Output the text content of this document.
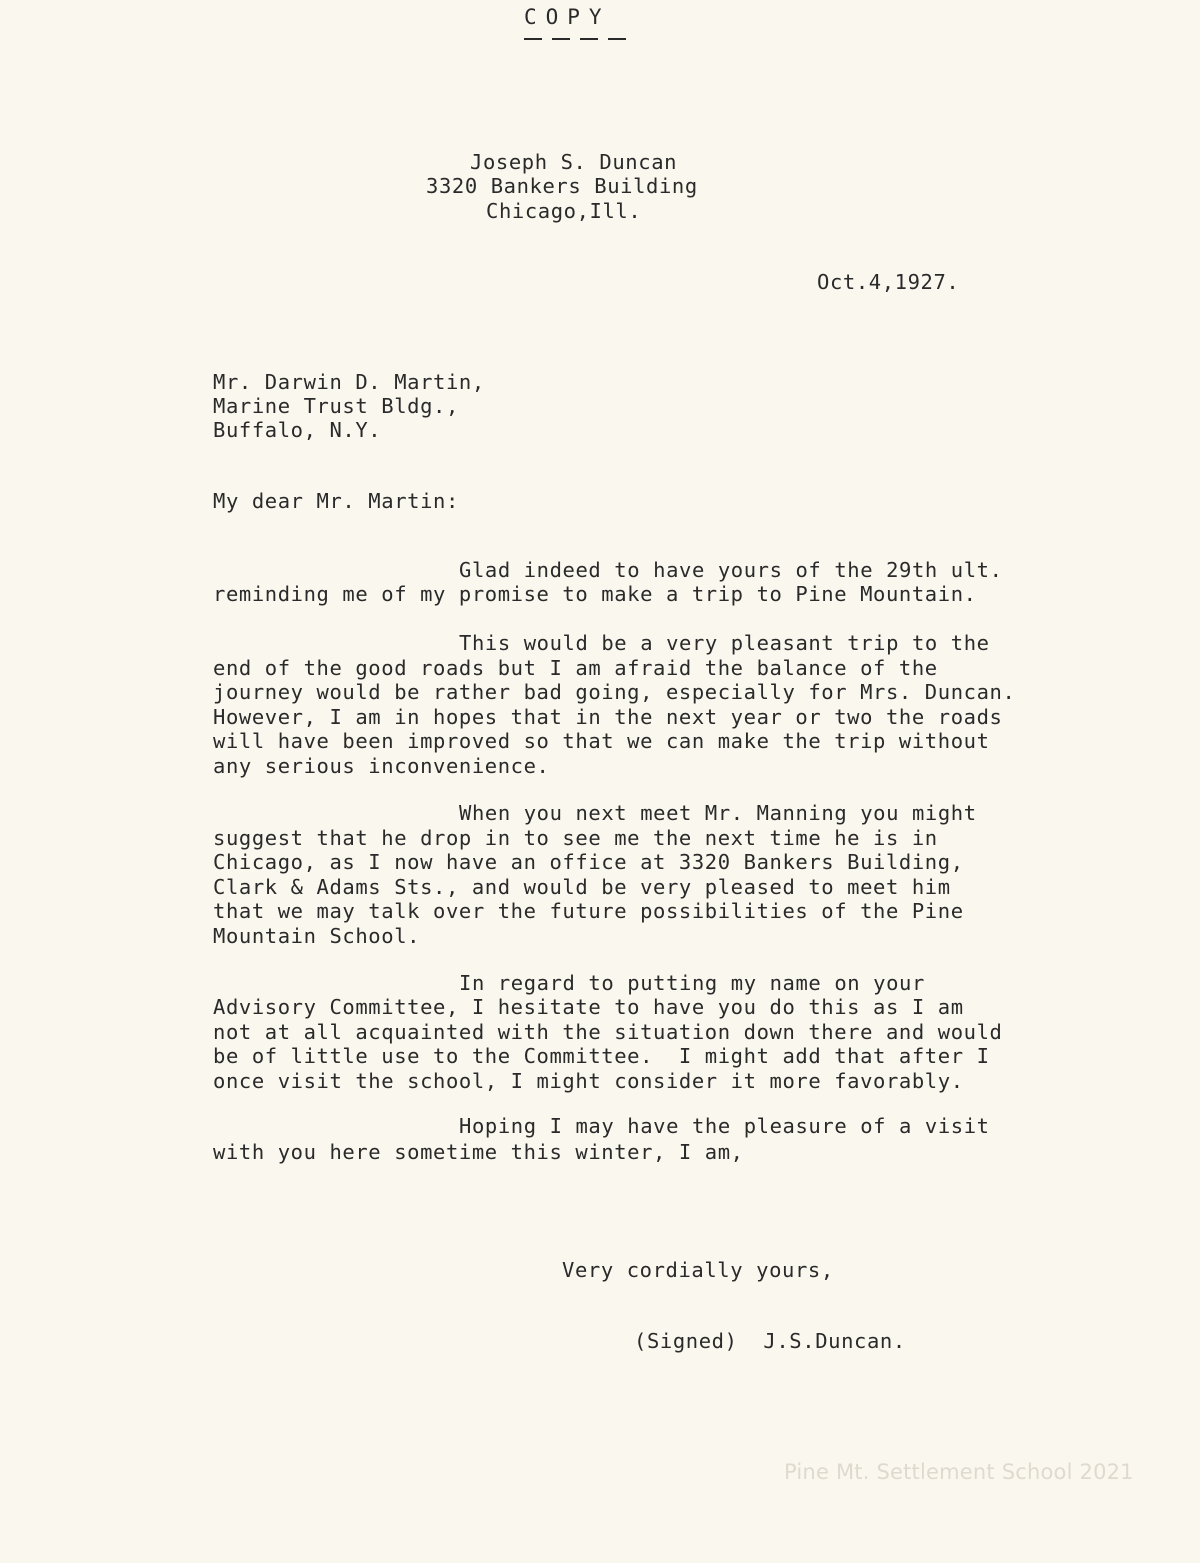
COPY
Joseph S. Duncan
3320 Bankers Building
Chicago,Ill.
Oct.4,1927.
Mr. Darwin D. Martin,
Marine Trust Bldg.,
Buffalo, N.Y.
My dear Mr. Martin:
Glad indeed to have yours of the 29th ult.
reminding me of my promise to make a trip to Pine Mountain.
This would be a very pleasant trip to the
end of the good roads but I am afraid the balance of the
journey would be rather bad going, especially for Mrs. Duncan.
However, I am in hopes that in the next year or two the roads
will have been improved so that we can make the trip without
any serious inconvenience.
When you next meet Mr. Manning you might
suggest that he drop in to see me the next time he is in
Chicago, as I now have an office at 3320 Bankers Building,
Clark & Adams Sts., and would be very pleased to meet him
that we may talk over the future possibilities of the Pine
Mountain School.
In regard to putting my name on your
Advisory Committee, I hesitate to have you do this as I am
not at all acquainted with the situation down there and would
be of little use to the Committee.  I might add that after I
once visit the school, I might consider it more favorably.
Hoping I may have the pleasure of a visit
with you here sometime this winter, I am,
Very cordially yours,
(Signed)  J.S.Duncan.
Pine Mt. Settlement School 2021
